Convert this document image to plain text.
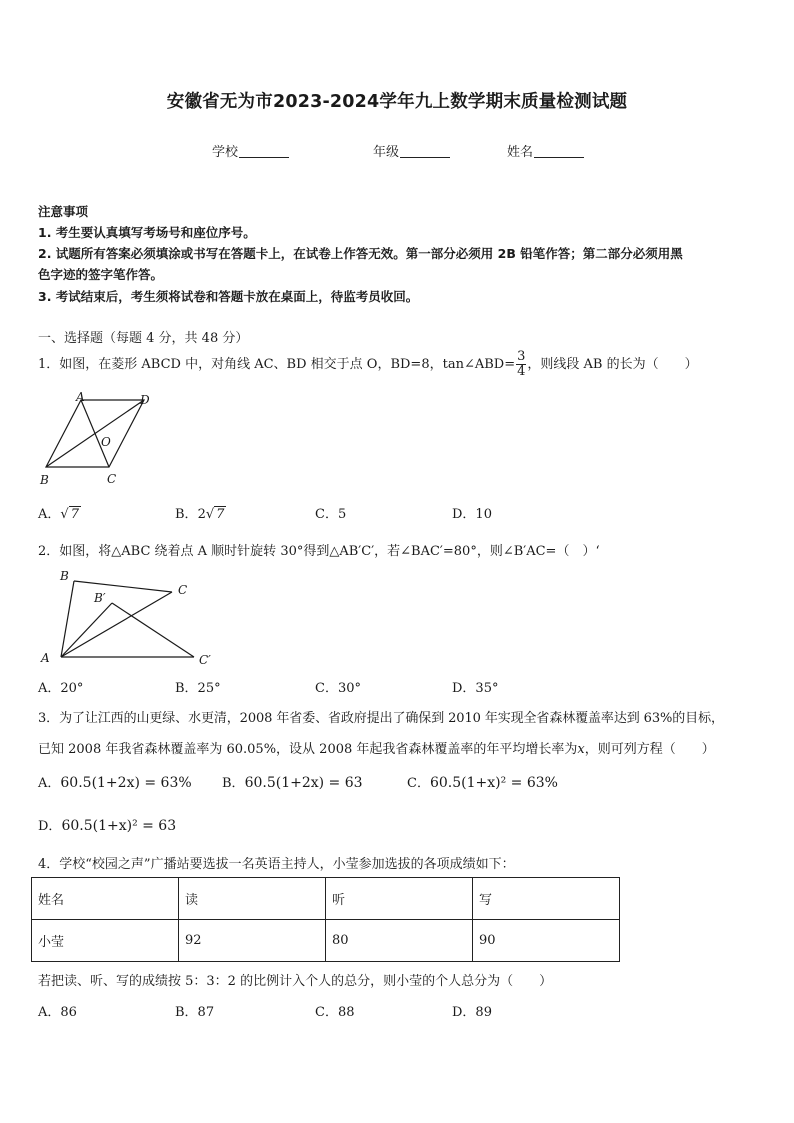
安徽省无为市2023-2024学年九上数学期末质量检测试题
学校	年级	姓名
注意事项
1. 考生要认真填写考场号和座位序号。
2. 试题所有答案必须填涂或书写在答题卡上，在试卷上作答无效。第一部分必须用 2B 铅笔作答；第二部分必须用黑
色字迹的签字笔作答。
3. 考试结束后，考生须将试卷和答题卡放在桌面上，待监考员收回。
一、选择题（每题 4 分，共 48 分）
1．如图，在菱形 ABCD 中，对角线 AC、BD 相交于点 O，BD=8，tan∠ABD= $\frac{3}{4}$ ，则线段 AB 的长为（　　）
A	D
O
B	C
A．√ 7	B．2√ 7	C．5	D．10
2．如图，将△ABC 绕着点 A 顺时针旋转 30°得到△AB′C′，若∠BAC′=80°，则∠B′AC=（　）‘
B
B′
C
A	C′
A．20°	B．25°	C．30°	D．35°
3．为了让江西的山更绿、水更清，2008 年省委、省政府提出了确保到 2010 年实现全省森林覆盖率达到 63%的目标，
已知 2008 年我省森林覆盖率为 60.05%，设从 2008 年起我省森林覆盖率的年平均增长率为x，则可列方程（　　）
A．60.5(1+2x) = 63% B．60.5(1+2x) = 63	C．60.5(1+x)² = 63%
D．60.5(1+x)² = 63
4．学校“校园之声”广播站要选拔一名英语主持人，小莹参加选拔的各项成绩如下：
姓名	读	听	写
小莹	92	80	90
若把读、听、写的成绩按 5：3：2 的比例计入个人的总分，则小莹的个人总分为（　　）
A．86	B．87	C．88	D．89
